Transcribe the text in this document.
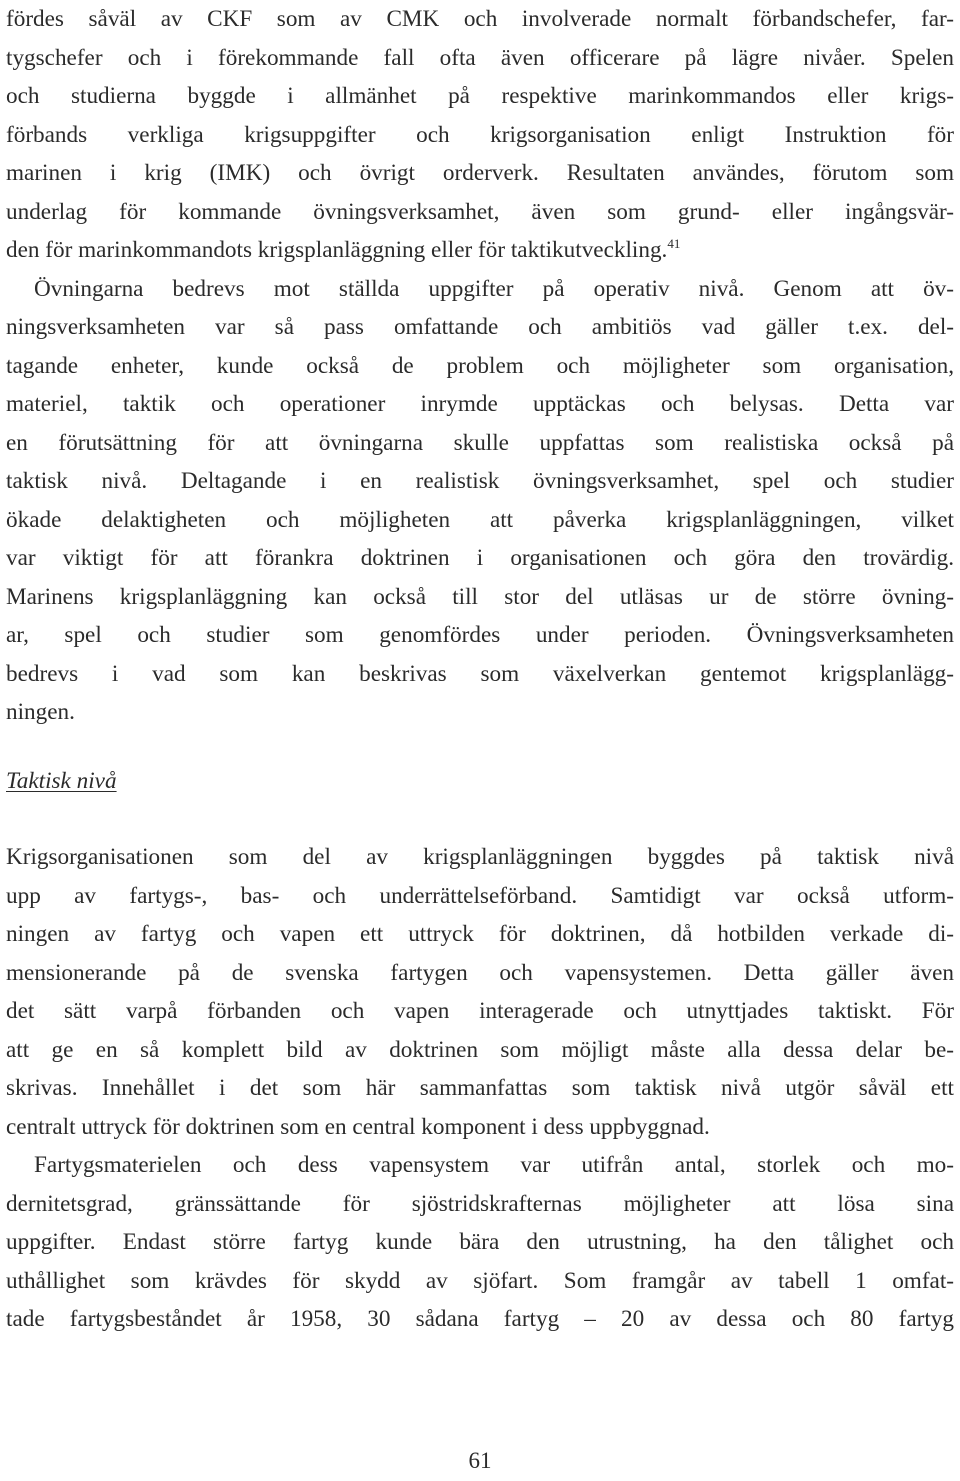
fördes såväl av CKF som av CMK och involverade normalt förbandschefer, far-
tygschefer och i förekommande fall ofta även officerare på lägre nivåer. Spelen
och studierna byggde i allmänhet på respektive marinkommandos eller krigs-
förbands verkliga krigsuppgifter och krigsorganisation enligt Instruktion för
marinen i krig (IMK) och övrigt orderverk. Resultaten användes, förutom som
underlag för kommande övningsverksamhet, även som grund- eller ingångsvär-
den för marinkommandots krigsplanläggning eller för taktikutveckling.$^{41}$
Övningarna bedrevs mot ställda uppgifter på operativ nivå. Genom att öv-
ningsverksamheten var så pass omfattande och ambitiös vad gäller t.ex. del-
tagande enheter, kunde också de problem och möjligheter som organisation,
materiel, taktik och operationer inrymde upptäckas och belysas. Detta var
en förutsättning för att övningarna skulle uppfattas som realistiska också på
taktisk nivå. Deltagande i en realistisk övningsverksamhet, spel och studier
ökade delaktigheten och möjligheten att påverka krigsplanläggningen, vilket
var viktigt för att förankra doktrinen i organisationen och göra den trovärdig.
Marinens krigsplanläggning kan också till stor del utläsas ur de större övning-
ar, spel och studier som genomfördes under perioden. Övningsverksamheten
bedrevs i vad som kan beskrivas som växelverkan gentemot krigsplanlägg-
ningen.
Taktisk nivå
Krigsorganisationen som del av krigsplanläggningen byggdes på taktisk nivå
upp av fartygs-, bas- och underrättelseförband. Samtidigt var också utform-
ningen av fartyg och vapen ett uttryck för doktrinen, då hotbilden verkade di-
mensionerande på de svenska fartygen och vapensystemen. Detta gäller även
det sätt varpå förbanden och vapen interagerade och utnyttjades taktiskt. För
att ge en så komplett bild av doktrinen som möjligt måste alla dessa delar be-
skrivas. Innehållet i det som här sammanfattas som taktisk nivå utgör såväl ett
centralt uttryck för doktrinen som en central komponent i dess uppbyggnad.
Fartygsmaterielen och dess vapensystem var utifrån antal, storlek och mo-
dernitetsgrad, gränssättande för sjöstridskrafternas möjligheter att lösa sina
uppgifter. Endast större fartyg kunde bära den utrustning, ha den tålighet och
uthållighet som krävdes för skydd av sjöfart. Som framgår av tabell 1 omfat-
tade fartygsbeståndet år 1958, 30 sådana fartyg – 20 av dessa och 80 fartyg
61
